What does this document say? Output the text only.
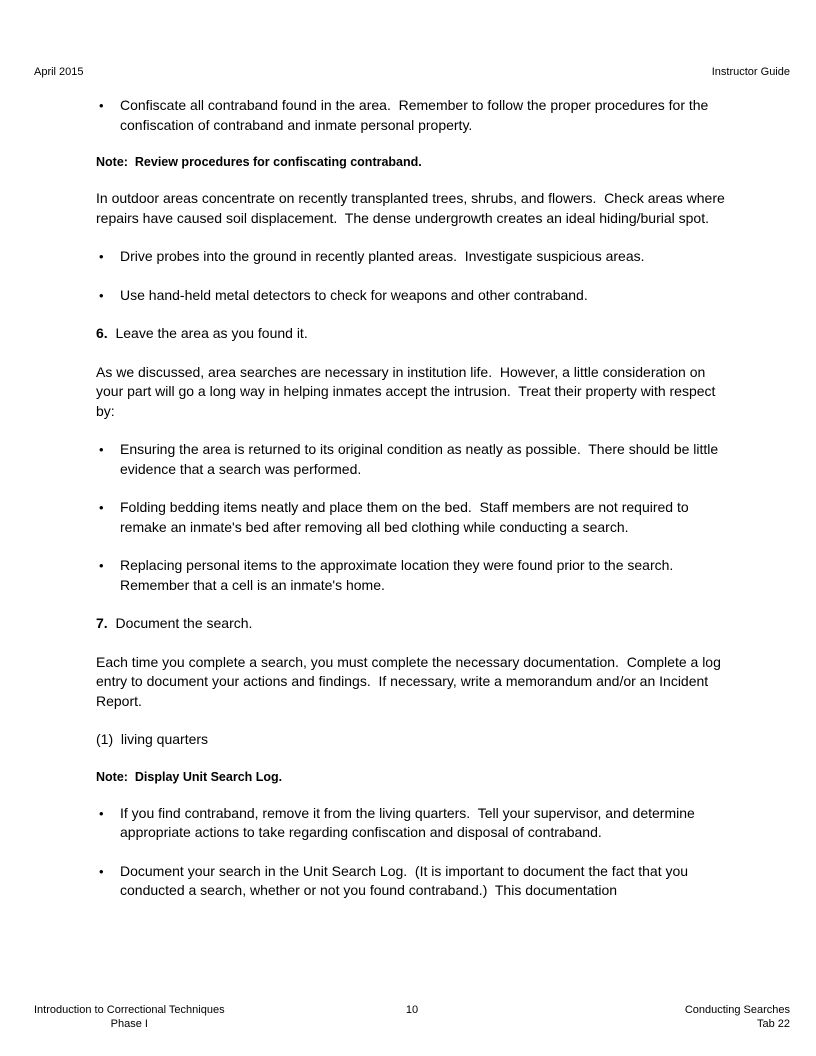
April 2015	Instructor Guide
•	Confiscate all contraband found in the area.  Remember to follow the proper procedures for the confiscation of contraband and inmate personal property.

Note:  Review procedures for confiscating contraband.

In outdoor areas concentrate on recently transplanted trees, shrubs, and flowers.  Check areas where repairs have caused soil displacement.  The dense undergrowth creates an ideal hiding/burial spot.

•	Drive probes into the ground in recently planted areas.  Investigate suspicious areas.
•	Use hand-held metal detectors to check for weapons and other contraband.

6.  Leave the area as you found it.

As we discussed, area searches are necessary in institution life.  However, a little consideration on your part will go a long way in helping inmates accept the intrusion.  Treat their property with respect by:

•	Ensuring the area is returned to its original condition as neatly as possible.  There should be little evidence that a search was performed.
•	Folding bedding items neatly and place them on the bed.  Staff members are not required to remake an inmate's bed after removing all bed clothing while conducting a search.
•	Replacing personal items to the approximate location they were found prior to the search.  Remember that a cell is an inmate's home.

7.  Document the search.

Each time you complete a search, you must complete the necessary documentation.  Complete a log entry to document your actions and findings.  If necessary, write a memorandum and/or an Incident Report.

(1)  living quarters

Note:  Display Unit Search Log.

•	If you find contraband, remove it from the living quarters.  Tell your supervisor, and determine appropriate actions to take regarding confiscation and disposal of contraband.
•	Document your search in the Unit Search Log.  (It is important to document the fact that you conducted a search, whether or not you found contraband.)  This documentation
Introduction to Correctional Techniques
Phase I
10	Conducting Searches
Tab 22
